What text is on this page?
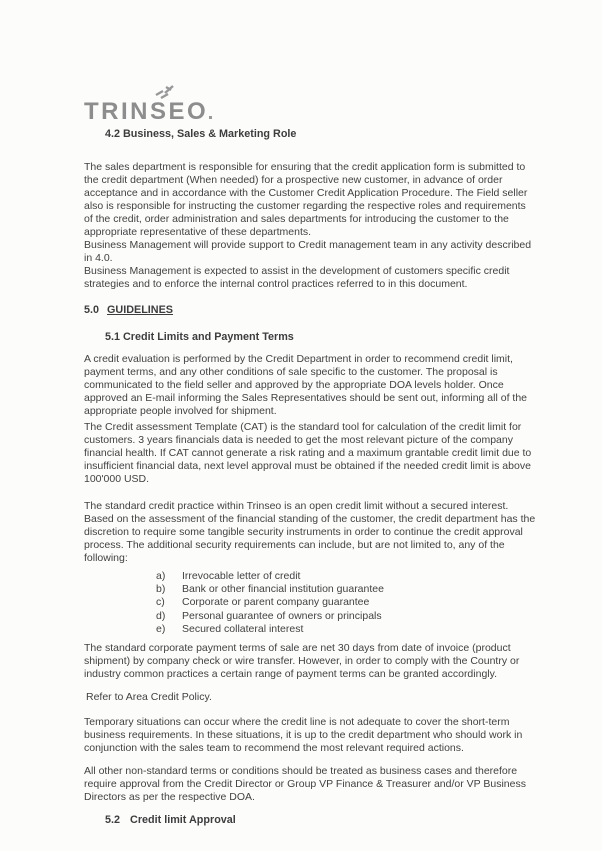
TRINSEO
4.2 Business, Sales & Marketing Role

The sales department is responsible for ensuring that the credit application form is submitted to the credit department (When needed) for a prospective new customer, in advance of order acceptance and in accordance with the Customer Credit Application Procedure. The Field seller also is responsible for instructing the customer regarding the respective roles and requirements of the credit, order administration and sales departments for introducing the customer to the appropriate representative of these departments.

Business Management will provide support to Credit management team in any activity described in 4.0.

Business Management is expected to assist in the development of customers specific credit strategies and to enforce the internal control practices referred to in this document.

5.0 GUIDELINES
5.1 Credit Limits and Payment Terms

A credit evaluation is performed by the Credit Department in order to recommend credit limit, payment terms, and any other conditions of sale specific to the customer. The proposal is communicated to the field seller and approved by the appropriate DOA levels holder. Once approved an E-mail informing the Sales Representatives should be sent out, informing all of the appropriate people involved for shipment.

The Credit assessment Template (CAT) is the standard tool for calculation of the credit limit for customers. 3 years financials data is needed to get the most relevant picture of the company financial health. If CAT cannot generate a risk rating and a maximum grantable credit limit due to insufficient financial data, next level approval must be obtained if the needed credit limit is above 100'000 USD.

The standard credit practice within Trinseo is an open credit limit without a secured interest. Based on the assessment of the financial standing of the customer, the credit department has the discretion to require some tangible security instruments in order to continue the credit approval process. The additional security requirements can include, but are not limited to, any of the following:

a)	Irrevocable letter of credit
b)	Bank or other financial institution guarantee
c)	Corporate or parent company guarantee
d)	Personal guarantee of owners or principals
e)	Secured collateral interest

The standard corporate payment terms of sale are net 30 days from date of invoice (product shipment) by company check or wire transfer. However, in order to comply with the Country or industry common practices a certain range of payment terms can be granted accordingly.

Refer to Area Credit Policy.

Temporary situations can occur where the credit line is not adequate to cover the short-term business requirements. In these situations, it is up to the credit department who should work in conjunction with the sales team to recommend the most relevant required actions.

All other non-standard terms or conditions should be treated as business cases and therefore require approval from the Credit Director or Group VP Finance & Treasurer and/or VP Business Directors as per the respective DOA.

5.2 Credit limit Approval
